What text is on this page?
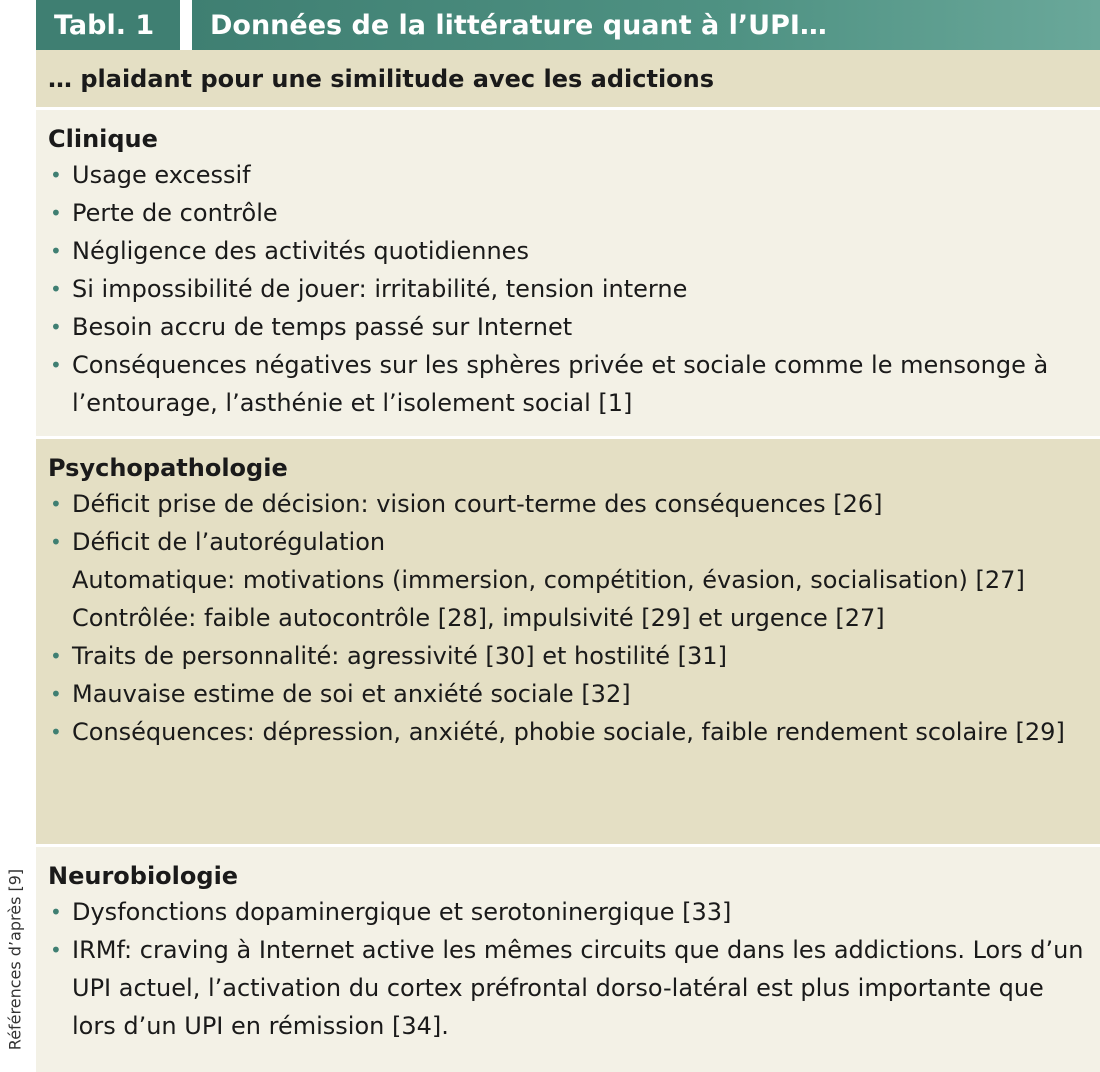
Références d’après [9]
Tabl. 1	Données de la littérature quant à l’UPI…
… plaidant pour une similitude avec les adictions
Clinique
• Usage excessif
• Perte de contrôle
• Négligence des activités quotidiennes
• Si impossibilité de jouer: irritabilité, tension interne
• Besoin accru de temps passé sur Internet
• Conséquences négatives sur les sphères privée et sociale comme le mensonge à l’entourage, l’asthénie et l’isolement social [1]
Psychopathologie
• Déficit prise de décision: vision court-terme des conséquences [26]
• Déficit de l’autorégulation
Automatique: motivations (immersion, compétition, évasion, socialisation) [27]
Contrôlée: faible autocontrôle [28], impulsivité [29] et urgence [27]
• Traits de personnalité: agressivité [30] et hostilité [31]
• Mauvaise estime de soi et anxiété sociale [32]
• Conséquences: dépression, anxiété, phobie sociale, faible rendement scolaire [29]
Neurobiologie
• Dysfonctions dopaminergique et serotoninergique [33]
• IRMf: craving à Internet active les mêmes circuits que dans les addictions. Lors d’un UPI actuel, l’activation du cortex préfrontal dorso-latéral est plus importante que lors d’un UPI en rémission [34].
